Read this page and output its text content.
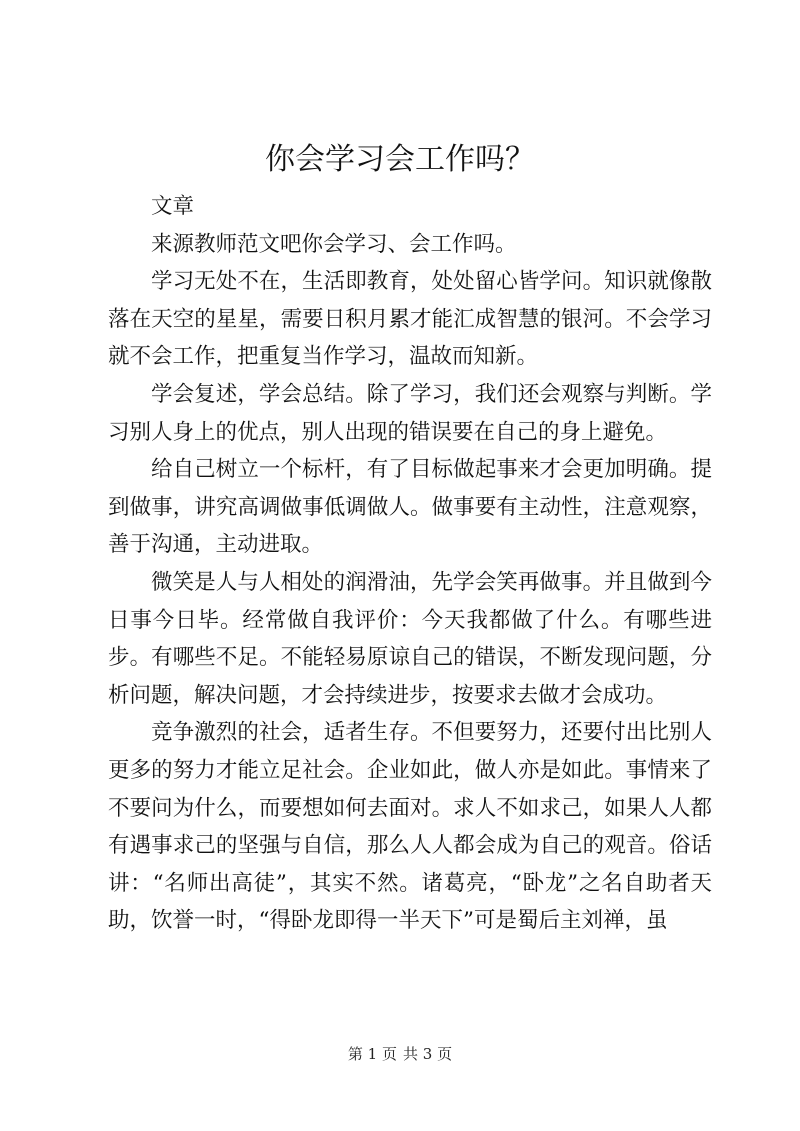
你会学习会工作吗？

文章

来源教师范文吧你会学习、会工作吗。

学习无处不在，生活即教育，处处留心皆学问。知识就像散落在天空的星星，需要日积月累才能汇成智慧的银河。不会学习就不会工作，把重复当作学习，温故而知新。

学会复述，学会总结。除了学习，我们还会观察与判断。学习别人身上的优点，别人出现的错误要在自己的身上避免。

给自己树立一个标杆，有了目标做起事来才会更加明确。提到做事，讲究高调做事低调做人。做事要有主动性，注意观察，善于沟通，主动进取。

微笑是人与人相处的润滑油，先学会笑再做事。并且做到今日事今日毕。经常做自我评价：今天我都做了什么。有哪些进步。有哪些不足。不能轻易原谅自己的错误，不断发现问题，分析问题，解决问题，才会持续进步，按要求去做才会成功。

竞争激烈的社会，适者生存。不但要努力，还要付出比别人更多的努力才能立足社会。企业如此，做人亦是如此。事情来了不要问为什么，而要想如何去面对。求人不如求己，如果人人都有遇事求己的坚强与自信，那么人人都会成为自己的观音。俗话讲：“名师出高徒”，其实不然。诸葛亮，“卧龙”之名自助者天助，饮誉一时，“得卧龙即得一半天下”可是蜀后主刘禅，虽

第 1 页 共 3 页
